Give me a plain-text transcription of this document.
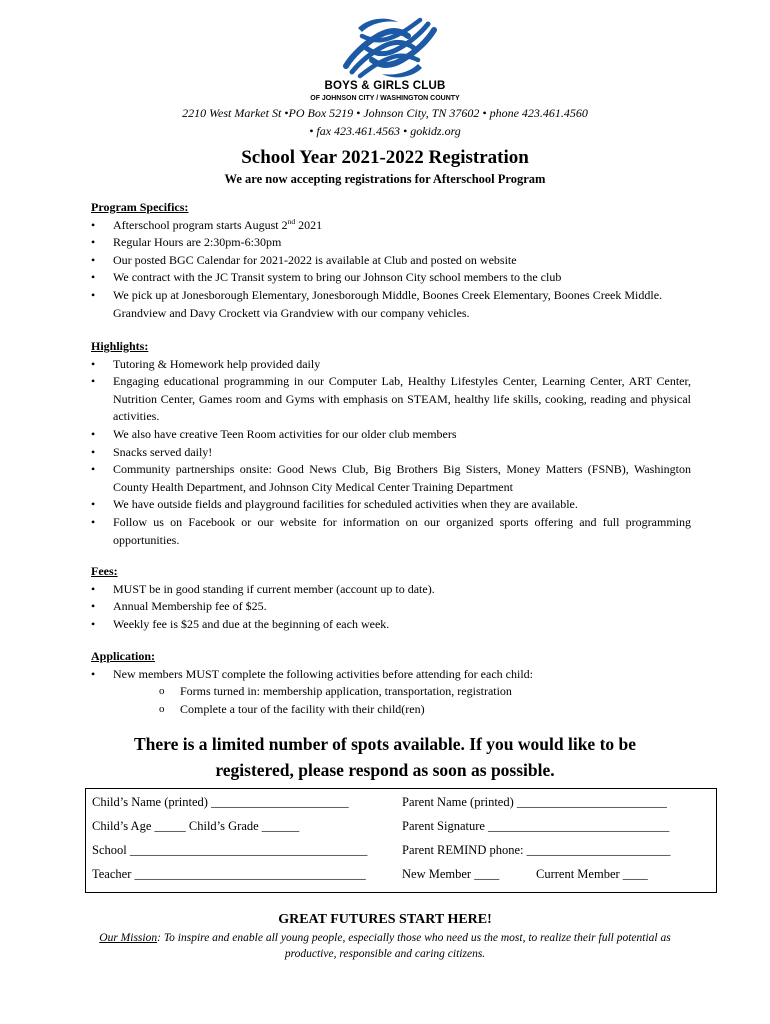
BOYS & GIRLS CLUB
OF JOHNSON CITY / WASHINGTON COUNTY
2210 West Market St •PO Box 5219 • Johnson City, TN 37602 • phone 423.461.4560
• fax 423.461.4563 • gokidz.org
School Year 2021-2022 Registration
We are now accepting registrations for Afterschool Program
Program Specifics:
• Afterschool program starts August 2nd 2021
• Regular Hours are 2:30pm-6:30pm
• Our posted BGC Calendar for 2021-2022 is available at Club and posted on website
• We contract with the JC Transit system to bring our Johnson City school members to the club
• We pick up at Jonesborough Elementary, Jonesborough Middle, Boones Creek Elementary, Boones Creek Middle. Grandview and Davy Crockett via Grandview with our company vehicles.
Highlights:
• Tutoring & Homework help provided daily
• Engaging educational programming in our Computer Lab, Healthy Lifestyles Center, Learning Center, ART Center, Nutrition Center, Games room and Gyms with emphasis on STEAM, healthy life skills, cooking, reading and physical activities.
• We also have creative Teen Room activities for our older club members
• Snacks served daily!
• Community partnerships onsite: Good News Club, Big Brothers Big Sisters, Money Matters (FSNB), Washington County Health Department, and Johnson City Medical Center Training Department
• We have outside fields and playground facilities for scheduled activities when they are available.
• Follow us on Facebook or our website for information on our organized sports offering and full programming opportunities.
Fees:
• MUST be in good standing if current member (account up to date).
• Annual Membership fee of $25.
• Weekly fee is $25 and due at the beginning of each week.
Application:
• New members MUST complete the following activities before attending for each child:
o Forms turned in: membership application, transportation, registration
o Complete a tour of the facility with their child(ren)
There is a limited number of spots available. If you would like to be
registered, please respond as soon as possible.
Child’s Name (printed) ______________________	Parent Name (printed) ________________________
Child’s Age _____ Child’s Grade ______	Parent Signature _____________________________
School ______________________________________	Parent REMIND phone: _______________________
Teacher _____________________________________	New Member ____	Current Member ____
GREAT FUTURES START HERE!
Our Mission: To inspire and enable all young people, especially those who need us the most, to realize their full potential as productive, responsible and caring citizens.
